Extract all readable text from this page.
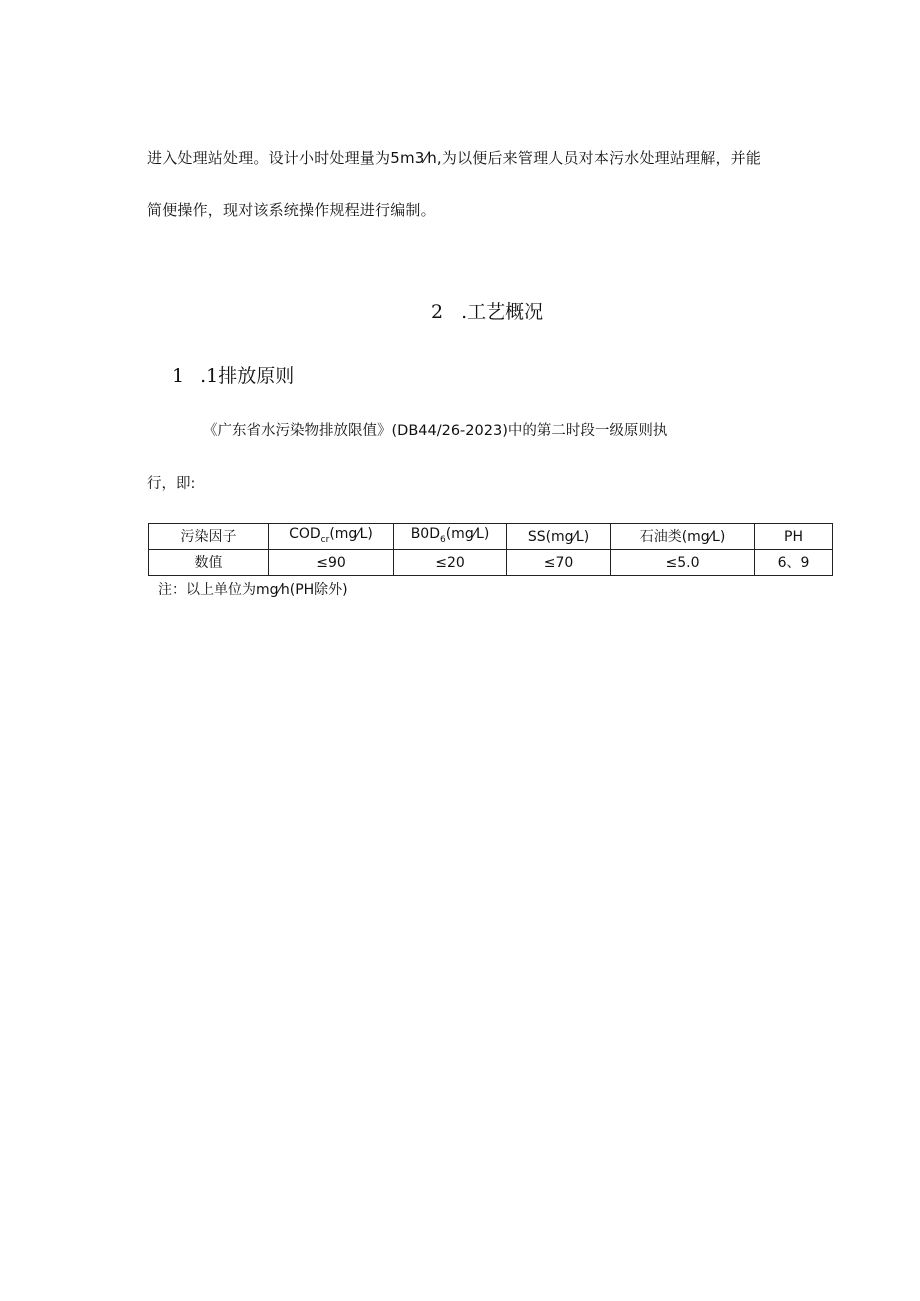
进入处理站处理。设计小时处理量为5m3⁄h,为以便后来管理人员对本污水处理站理解，并能
简便操作，现对该系统操作规程进行编制。
2 .工艺概况
1 .1排放原则
《广东省水污染物排放限值》(DB44/26-2023)中的第二时段一级原则执
行，即:
污染因子	$COD_{cr}(mg⁄L)$	$B0D_6(mg⁄L)$	SS(mg⁄L)	石油类(mg⁄L)	PH
数值	≤90	≤20	≤70	≤5.0	6、9
注：以上单位为mg⁄h(PH除外)
